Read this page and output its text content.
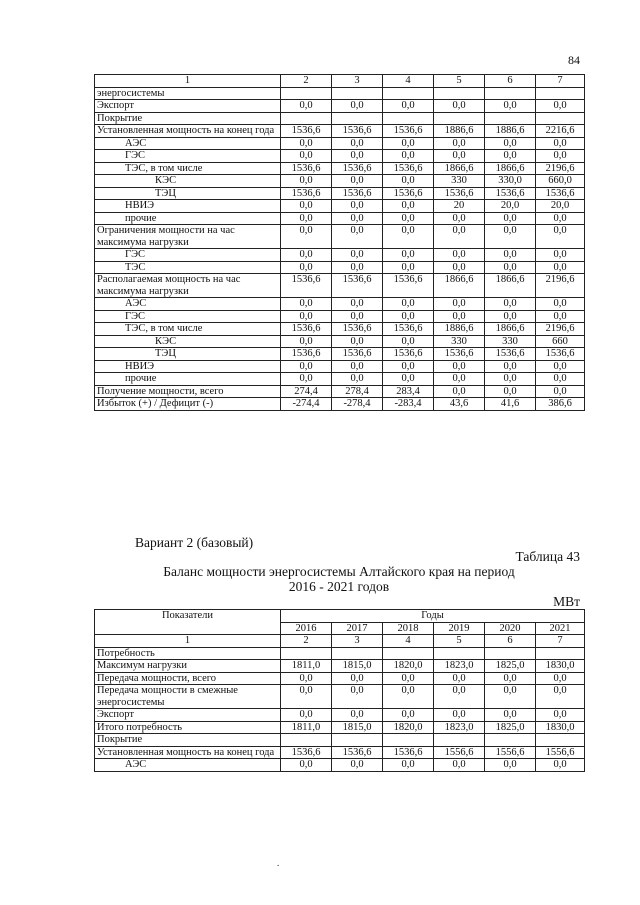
84
1	2	3	4	5	6	7
энергосистемы						
Экспорт	0,0	0,0	0,0	0,0	0,0	0,0
Покрытие						
Установленная мощность на конец года	1536,6	1536,6	1536,6	1886,6	1886,6	2216,6
АЭС	0,0	0,0	0,0	0,0	0,0	0,0
ГЭС	0,0	0,0	0,0	0,0	0,0	0,0
ТЭС, в том числе	1536,6	1536,6	1536,6	1866,6	1866,6	2196,6
КЭС	0,0	0,0	0,0	330	330,0	660,0
ТЭЦ	1536,6	1536,6	1536,6	1536,6	1536,6	1536,6
НВИЭ	0,0	0,0	0,0	20	20,0	20,0
прочие	0,0	0,0	0,0	0,0	0,0	0,0
Ограничения мощности на час максимума нагрузки	0,0	0,0	0,0	0,0	0,0	0,0
ГЭС	0,0	0,0	0,0	0,0	0,0	0,0
ТЭС	0,0	0,0	0,0	0,0	0,0	0,0
Располагаемая мощность на час максимума нагрузки	1536,6	1536,6	1536,6	1866,6	1866,6	2196,6
АЭС	0,0	0,0	0,0	0,0	0,0	0,0
ГЭС	0,0	0,0	0,0	0,0	0,0	0,0
ТЭС, в том числе	1536,6	1536,6	1536,6	1886,6	1866,6	2196,6
КЭС	0,0	0,0	0,0	330	330	660
ТЭЦ	1536,6	1536,6	1536,6	1536,6	1536,6	1536,6
НВИЭ	0,0	0,0	0,0	0,0	0,0	0,0
прочие	0,0	0,0	0,0	0,0	0,0	0,0
Получение мощности, всего	274,4	278,4	283,4	0,0	0,0	0,0
Избыток (+) / Дефицит (-)	-274,4	-278,4	-283,4	43,6	41,6	386,6
Вариант 2 (базовый)
Таблица 43
Баланс мощности энергосистемы Алтайского края на период
2016 - 2021 годов
МВт
Показатели	Годы					
	2016	2017	2018	2019	2020	2021
1	2	3	4	5	6	7
Потребность						
Максимум нагрузки	1811,0	1815,0	1820,0	1823,0	1825,0	1830,0
Передача мощности, всего	0,0	0,0	0,0	0,0	0,0	0,0
Передача мощности в смежные энергосистемы	0,0	0,0	0,0	0,0	0,0	0,0
Экспорт	0,0	0,0	0,0	0,0	0,0	0,0
Итого потребность	1811,0	1815,0	1820,0	1823,0	1825,0	1830,0
Покрытие						
Установленная мощность на конец года	1536,6	1536,6	1536,6	1556,6	1556,6	1556,6
АЭС	0,0	0,0	0,0	0,0	0,0	0,0
.
